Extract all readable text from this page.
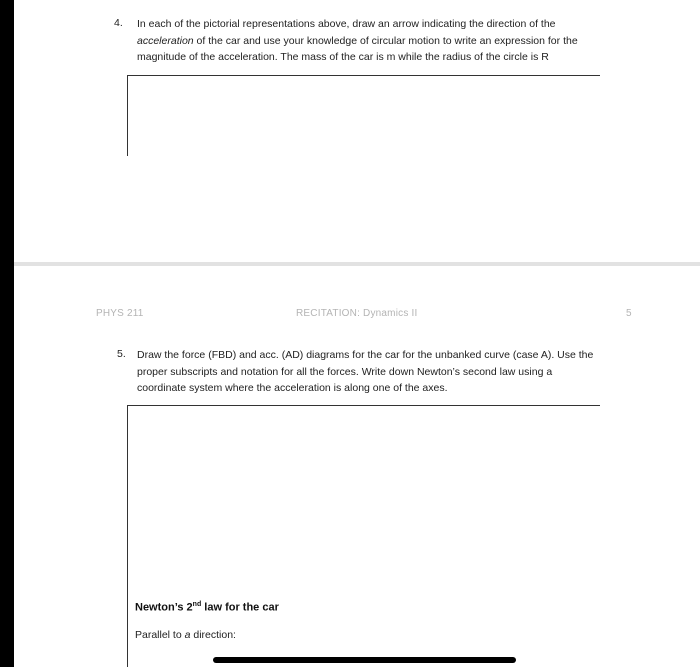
4. In each of the pictorial representations above, draw an arrow indicating the direction of the
acceleration of the car and use your knowledge of circular motion to write an expression for the
magnitude of the acceleration. The mass of the car is m while the radius of the circle is R
PHYS 211	RECITATION: Dynamics II	5
5. Draw the force (FBD) and acc. (AD) diagrams for the car for the unbanked curve (case A). Use the
proper subscripts and notation for all the forces. Write down Newton’s second law using a
coordinate system where the acceleration is along one of the axes.
Newton’s 2nd law for the car
Parallel to a direction:
